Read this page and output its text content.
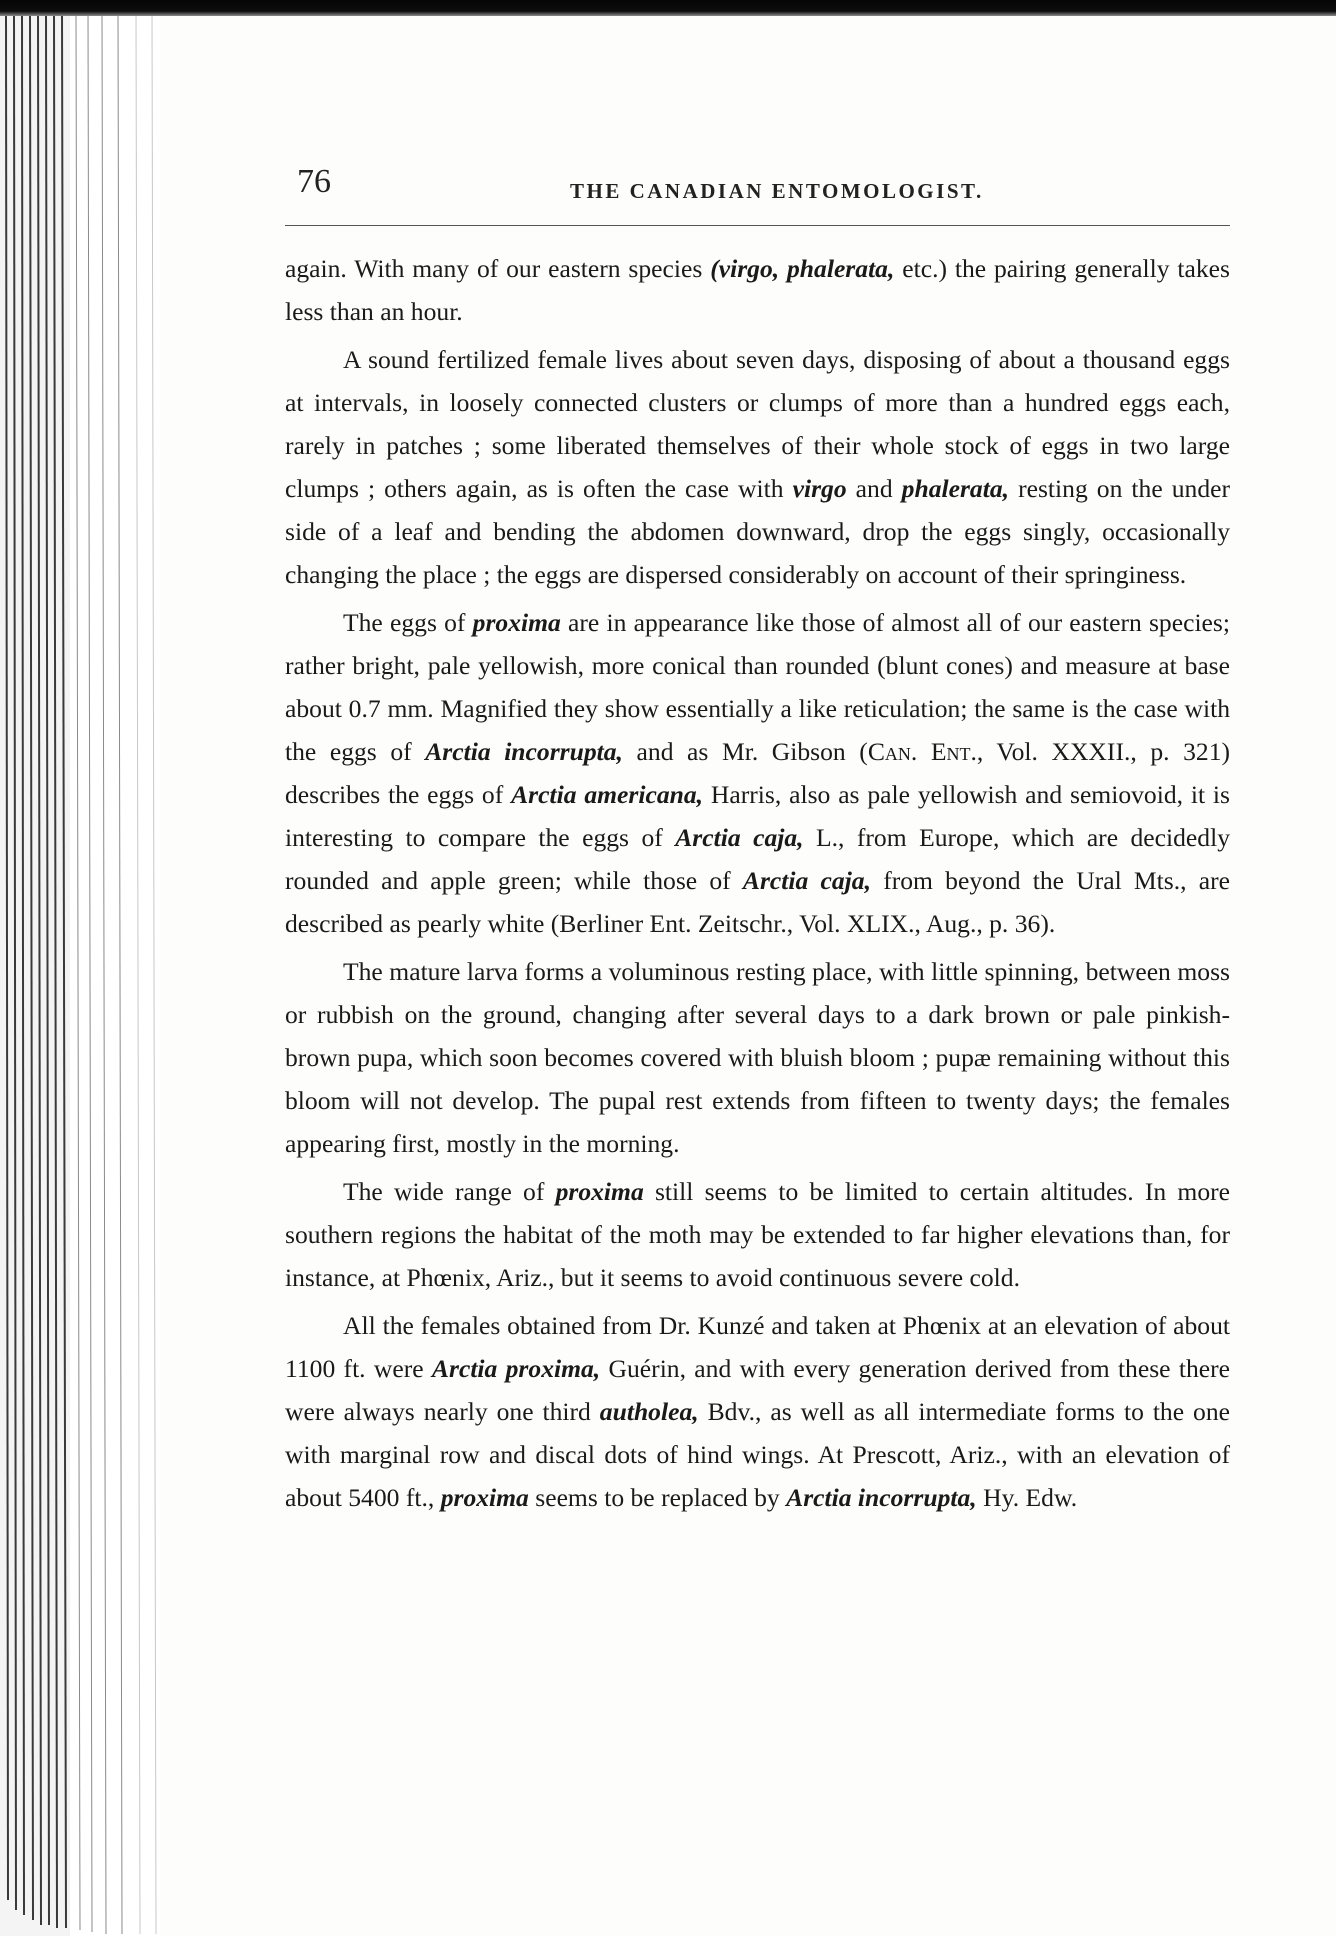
76	THE CANADIAN ENTOMOLOGIST.

again. With many of our eastern species (virgo, phalerata, etc.) the pairing generally takes less than an hour.

A sound fertilized female lives about seven days, disposing of about a thousand eggs at intervals, in loosely connected clusters or clumps of more than a hundred eggs each, rarely in patches ; some liberated themselves of their whole stock of eggs in two large clumps ; others again, as is often the case with virgo and phalerata, resting on the under side of a leaf and bending the abdomen downward, drop the eggs singly, occasionally changing the place ; the eggs are dispersed considerably on account of their springiness.

The eggs of proxima are in appearance like those of almost all of our eastern species; rather bright, pale yellowish, more conical than rounded (blunt cones) and measure at base about 0.7 mm. Magnified they show essentially a like reticulation; the same is the case with the eggs of Arctia incorrupta, and as Mr. Gibson (Can. Ent., Vol. XXXII., p. 321) describes the eggs of Arctia americana, Harris, also as pale yellowish and semiovoid, it is interesting to compare the eggs of Arctia caja, L., from Europe, which are decidedly rounded and apple green; while those of Arctia caja, from beyond the Ural Mts., are described as pearly white (Berliner Ent. Zeitschr., Vol. XLIX., Aug., p. 36).

The mature larva forms a voluminous resting place, with little spinning, between moss or rubbish on the ground, changing after several days to a dark brown or pale pinkish-brown pupa, which soon becomes covered with bluish bloom ; pupæ remaining without this bloom will not develop. The pupal rest extends from fifteen to twenty days; the females appearing first, mostly in the morning.

The wide range of proxima still seems to be limited to certain altitudes. In more southern regions the habitat of the moth may be extended to far higher elevations than, for instance, at Phœnix, Ariz., but it seems to avoid continuous severe cold.

All the females obtained from Dr. Kunzé and taken at Phœnix at an elevation of about 1100 ft. were Arctia proxima, Guérin, and with every generation derived from these there were always nearly one third autholea, Bdv., as well as all intermediate forms to the one with marginal row and discal dots of hind wings. At Prescott, Ariz., with an elevation of about 5400 ft., proxima seems to be replaced by Arctia incorrupta, Hy. Edw.
